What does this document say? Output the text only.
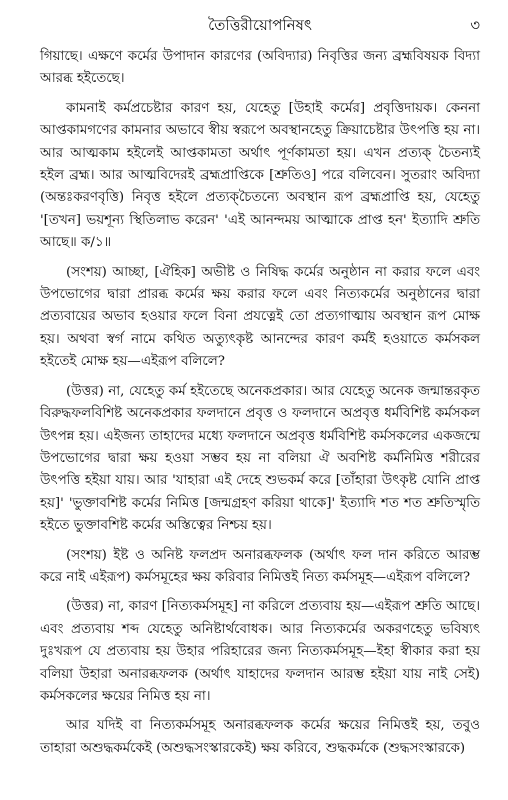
তৈত্তিরীয়োপনিষৎ	৩

গিয়াছে। এক্ষণে কর্মের উপাদান কারণের (অবিদ্যার) নিবৃত্তির জন্য ব্রহ্মবিষয়ক বিদ্যা আরব্ধ হইতেছে।

কামনাই কর্মপ্রচেষ্টার কারণ হয়, যেহেতু [উহাই কর্মের] প্রবৃত্তিদায়ক। কেননা আপ্তকামগণের কামনার অভাবে স্বীয় স্বরূপে অবস্থানহেতু ক্রিয়াচেষ্টার উৎপত্তি হয় না। আর আত্মকাম হইলেই আপ্তকামতা অর্থাৎ পূর্ণকামতা হয়। এখন প্রত্যক্ চৈতন্যই হইল ব্রহ্ম। আর আত্মবিদেরই ব্রহ্মপ্রাপ্তিকে [শ্রুতিও] পরে বলিবেন। সুতরাং অবিদ্যা (অন্তঃকরণবৃত্তি) নিবৃত্ত হইলে প্রত্যক্‌চৈতন্যে অবস্থান রূপ ব্রহ্মপ্রাপ্তি হয়, যেহেতু '[তখন] ভয়শূন্য স্থিতিলাভ করেন' 'এই আনন্দময় আত্মাকে প্রাপ্ত হন' ইত্যাদি শ্রুতি আছে॥ ক/১॥

(সংশয়) আচ্ছা, [ঐহিক] অভীষ্ট ও নিষিদ্ধ কর্মের অনুষ্ঠান না করার ফলে এবং উপভোগের দ্বারা প্রারব্ধ কর্মের ক্ষয় করার ফলে এবং নিত্যকর্মের অনুষ্ঠানের দ্বারা প্রত্যবায়ের অভাব হওয়ার ফলে বিনা প্রযত্নেই তো প্রত্যগাত্মায় অবস্থান রূপ মোক্ষ হয়। অথবা স্বর্গ নামে কথিত অত্যুৎকৃষ্ট আনন্দের কারণ কর্মই হওয়াতে কর্মসকল হইতেই মোক্ষ হয়—এইরূপ বলিলে?

(উত্তর) না, যেহেতু কর্ম হইতেছে অনেকপ্রকার। আর যেহেতু অনেক জন্মান্তরকৃত বিরুদ্ধফলবিশিষ্ট অনেকপ্রকার ফলদানে প্রবৃত্ত ও ফলদানে অপ্রবৃত্ত ধর্মবিশিষ্ট কর্মসকল উৎপন্ন হয়। এইজন্য তাহাদের মধ্যে ফলদানে অপ্রবৃত্ত ধর্মবিশিষ্ট কর্মসকলের একজন্মে উপভোগের দ্বারা ক্ষয় হওয়া সম্ভব হয় না বলিয়া ঐ অবশিষ্ট কর্মনিমিত্ত শরীরের উৎপত্তি হইয়া যায়। আর 'যাহারা এই দেহে শুভকর্ম করে [তাঁহারা উৎকৃষ্ট যোনি প্রাপ্ত হয়]' 'ভুক্তাবশিষ্ট কর্মের নিমিত্ত [জন্মগ্রহণ করিয়া থাকে]' ইত্যাদি শত শত শ্রুতিস্মৃতি হইতে ভুক্তাবশিষ্ট কর্মের অস্তিত্বের নিশ্চয় হয়।

(সংশয়) ইষ্ট ও অনিষ্ট ফলপ্রদ অনারব্ধফলক (অর্থাৎ ফল দান করিতে আরম্ভ করে নাই এইরূপ) কর্মসমূহের ক্ষয় করিবার নিমিত্তই নিত্য কর্মসমূহ—এইরূপ বলিলে?

(উত্তর) না, কারণ [নিত্যকর্মসমূহ] না করিলে প্রত্যবায় হয়—এইরূপ শ্রুতি আছে। এবং প্রত্যবায় শব্দ যেহেতু অনিষ্টার্থবোধক। আর নিত্যকর্মের অকরণহেতু ভবিষ্যৎ দুঃখরূপ যে প্রত্যবায় হয় উহার পরিহারের জন্য নিত্যকর্মসমূহ—ইহা স্বীকার করা হয় বলিয়া উহারা অনারব্ধফলক (অর্থাৎ যাহাদের ফলদান আরম্ভ হইয়া যায় নাই সেই) কর্মসকলের ক্ষয়ের নিমিত্ত হয় না।

আর যদিই বা নিত্যকর্মসমূহ অনারব্ধফলক কর্মের ক্ষয়ের নিমিত্তই হয়, তবুও তাহারা অশুদ্ধকর্মকেই (অশুদ্ধসংস্কারকেই) ক্ষয় করিবে, শুদ্ধকর্মকে (শুদ্ধসংস্কারকে)
